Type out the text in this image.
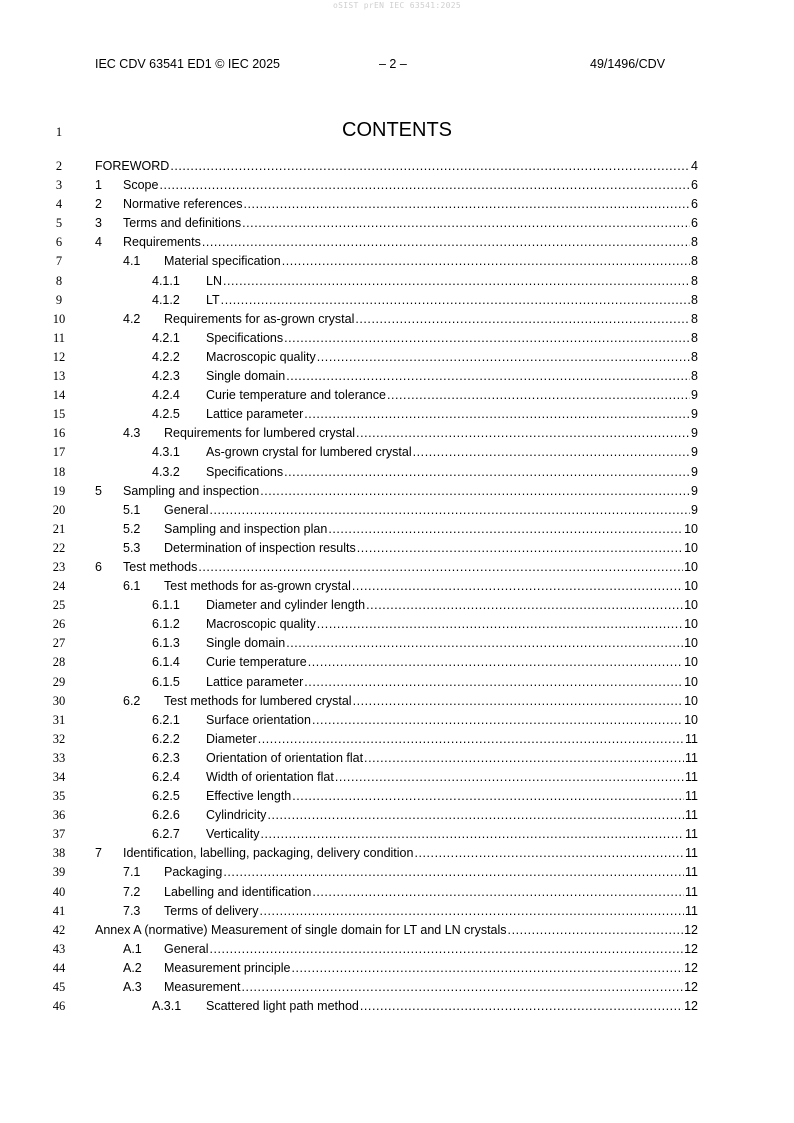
oSIST prEN IEC 63541:2025
IEC CDV 63541 ED1 © IEC 2025	– 2 –	49/1496/CDV
1	CONTENTS
2	FOREWORD .....	4
3	1 Scope .....	6
4	2 Normative references .....	6
5	3 Terms and definitions .....	6
6	4 Requirements .....	8
7	4.1 Material specification .....	8
8	4.1.1 LN .....	8
9	4.1.2 LT .....	8
10	4.2 Requirements for as-grown crystal .....	8
11	4.2.1 Specifications .....	8
12	4.2.2 Macroscopic quality .....	8
13	4.2.3 Single domain .....	8
14	4.2.4 Curie temperature and tolerance .....	9
15	4.2.5 Lattice parameter .....	9
16	4.3 Requirements for lumbered crystal .....	9
17	4.3.1 As-grown crystal for lumbered crystal .....	9
18	4.3.2 Specifications .....	9
19	5 Sampling and inspection .....	9
20	5.1 General .....	9
21	5.2 Sampling and inspection plan .....	10
22	5.3 Determination of inspection results .....	10
23	6 Test methods .....	10
24	6.1 Test methods for as-grown crystal .....	10
25	6.1.1 Diameter and cylinder length .....	10
26	6.1.2 Macroscopic quality .....	10
27	6.1.3 Single domain .....	10
28	6.1.4 Curie temperature .....	10
29	6.1.5 Lattice parameter .....	10
30	6.2 Test methods for lumbered crystal .....	10
31	6.2.1 Surface orientation .....	10
32	6.2.2 Diameter .....	11
33	6.2.3 Orientation of orientation flat .....	11
34	6.2.4 Width of orientation flat .....	11
35	6.2.5 Effective length .....	11
36	6.2.6 Cylindricity .....	11
37	6.2.7 Verticality .....	11
38	7 Identification, labelling, packaging, delivery condition .....	11
39	7.1 Packaging .....	11
40	7.2 Labelling and identification .....	11
41	7.3 Terms of delivery .....	11
42	Annex A (normative) Measurement of single domain for LT and LN crystals .....	12
43	A.1 General .....	12
44	A.2 Measurement principle .....	12
45	A.3 Measurement .....	12
46	A.3.1 Scattered light path method .....	12
